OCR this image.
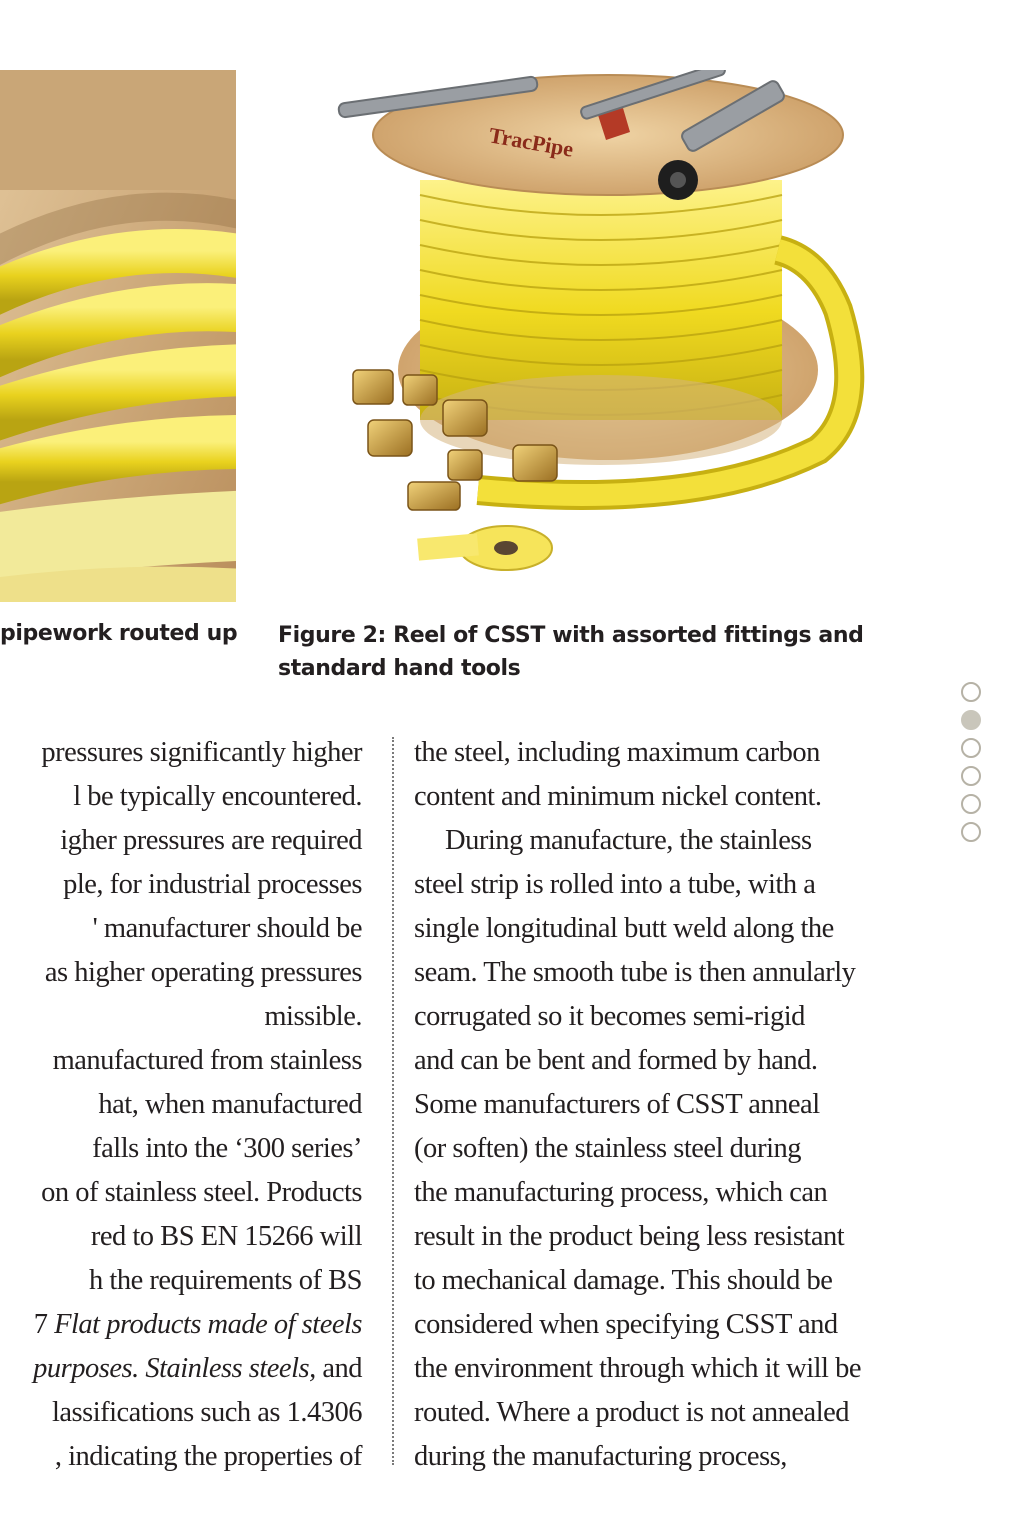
TracPipe
pipework routed up Figure 2: Reel of CSST with assorted fittings and standard hand tools
pressures significantly higher
l be typically encountered.
igher pressures are required
ple, for industrial processes
' manufacturer should be
as higher operating pressures
missible.
manufactured from stainless
hat, when manufactured
falls into the ‘300 series’
on of stainless steel. Products
red to BS EN 15266 will
h the requirements of BS
7 Flat products made of steels
purposes. Stainless steels, and
lassifications such as 1.4306
, indicating the properties of
the steel, including maximum carbon
content and minimum nickel content.
During manufacture, the stainless
steel strip is rolled into a tube, with a
single longitudinal butt weld along the
seam. The smooth tube is then annularly
corrugated so it becomes semi-rigid
and can be bent and formed by hand.
Some manufacturers of CSST anneal
(or soften) the stainless steel during
the manufacturing process, which can
result in the product being less resistant
to mechanical damage. This should be
considered when specifying CSST and
the environment through which it will be
routed. Where a product is not annealed
during the manufacturing process,
